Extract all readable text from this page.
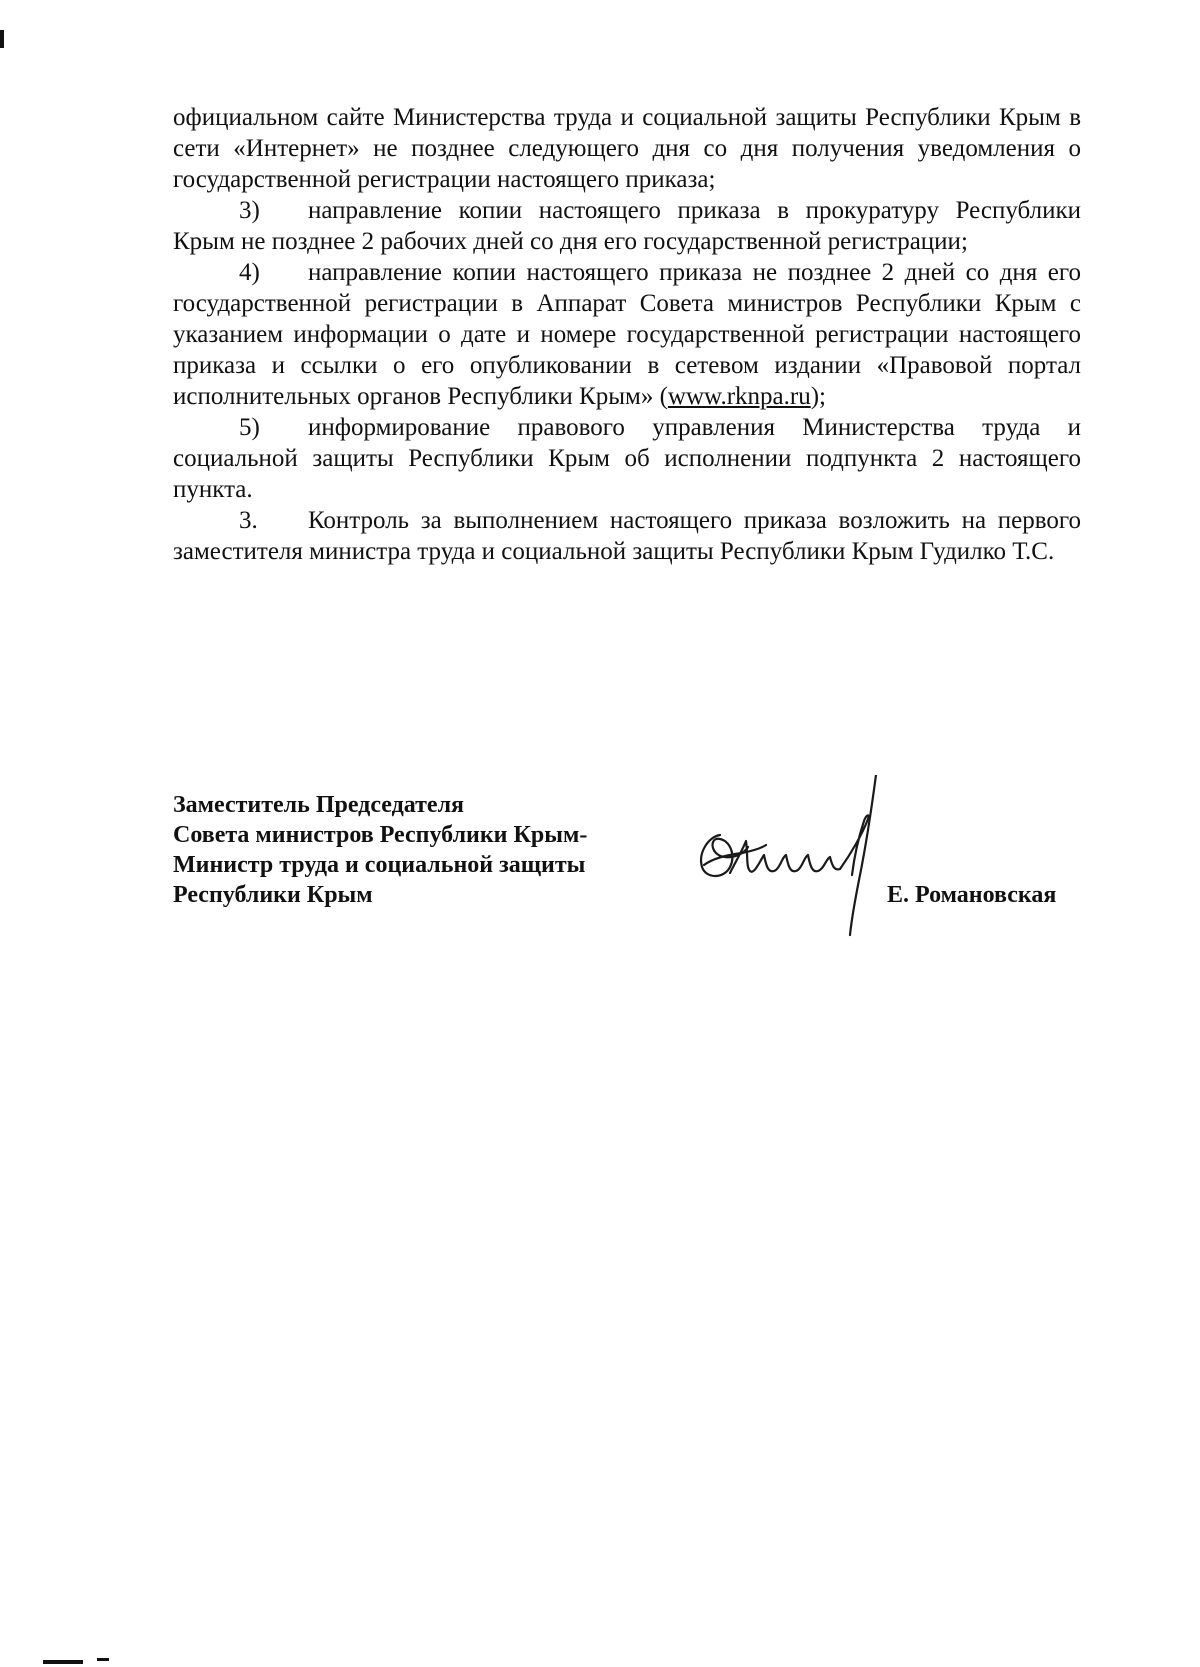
официальном сайте Министерства труда и социальной защиты Республики Крым в сети «Интернет» не позднее следующего дня со дня получения уведомления о государственной регистрации настоящего приказа;

3) направление копии настоящего приказа в прокуратуру Республики Крым не позднее 2 рабочих дней со дня его государственной регистрации;

4) направление копии настоящего приказа не позднее 2 дней со дня его государственной регистрации в Аппарат Совета министров Республики Крым с указанием информации о дате и номере государственной регистрации настоящего приказа и ссылки о его опубликовании в сетевом издании «Правовой портал исполнительных органов Республики Крым» (www.rknpa.ru);

5) информирование правового управления Министерства труда и социальной защиты Республики Крым об исполнении подпункта 2 настоящего пункта.

3. Контроль за выполнением настоящего приказа возложить на первого заместителя министра труда и социальной защиты Республики Крым Гудилко Т.С.

Заместитель Председателя
Совета министров Республики Крым-
Министр труда и социальной защиты
Республики Крым	Е. Романовская
